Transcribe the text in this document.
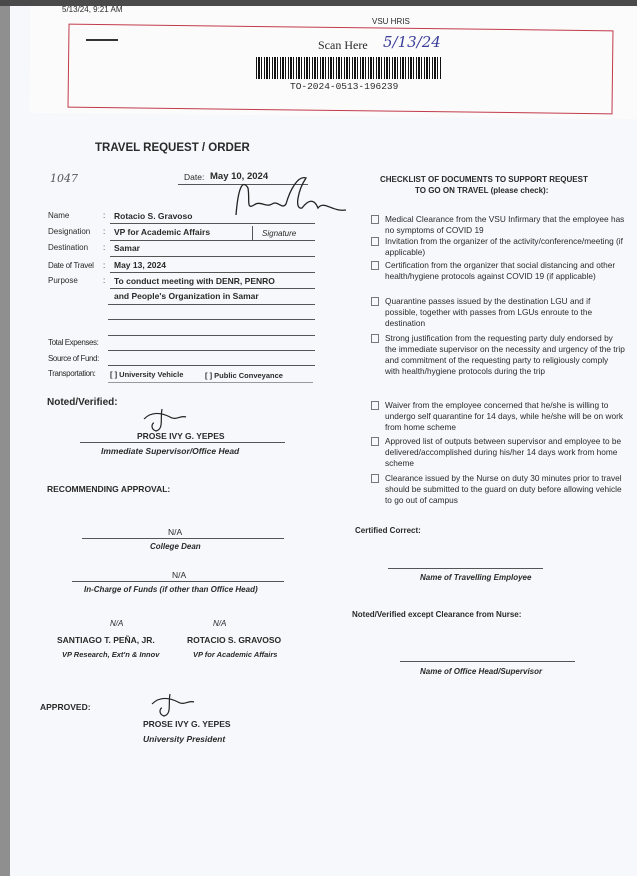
5/13/24, 9:21 AM
VSU HRIS
Scan Here 5/13/24
TO-2024-0513-196239
TRAVEL REQUEST / ORDER
1047	Date: May 10, 2024
Name	: Rotacio S. Gravoso
Designation : VP for Academic Affairs	Signature
Destination : Samar
Date of Travel : May 13, 2024
Purpose	: To conduct meeting with DENR, PENRO
and People's Organization in Samar
Total Expenses:
Source of Fund:
Transportation: [ ] University Vehicle	[ ] Public Conveyance
Noted/Verified:
PROSE IVY G. YEPES
Immediate Supervisor/Office Head
RECOMMENDING APPROVAL:
N/A
College Dean
N/A
In-Charge of Funds (if other than Office Head)
N/A
SANTIAGO T. PEÑA, JR.
VP Research, Ext'n & Innov
N/A
ROTACIO S. GRAVOSO
VP for Academic Affairs
APPROVED:
PROSE IVY G. YEPES
University President
CHECKLIST OF DOCUMENTS TO SUPPORT REQUEST
TO GO ON TRAVEL (please check):
Medical Clearance from the VSU Infirmary that the employee has no symptoms of COVID 19
Invitation from the organizer of the activity/conference/meeting (if applicable)
Certification from the organizer that social distancing and other health/hygiene protocols against COVID 19 (if applicable)
Quarantine passes issued by the destination LGU and if possible, together with passes from LGUs enroute to the destination
Strong justification from the requesting party duly endorsed by the immediate supervisor on the necessity and urgency of the trip and commitment of the requesting party to religiously comply with health/hygiene protocols during the trip
Waiver from the employee concerned that he/she is willing to undergo self quarantine for 14 days, while he/she will be on work from home scheme
Approved list of outputs between supervisor and employee to be delivered/accomplished during his/her 14 days work from home scheme
Clearance issued by the Nurse on duty 30 minutes prior to travel should be submitted to the guard on duty before allowing vehicle to go out of campus
Certified Correct:
Name of Travelling Employee
Noted/Verified except Clearance from Nurse:
Name of Office Head/Supervisor
